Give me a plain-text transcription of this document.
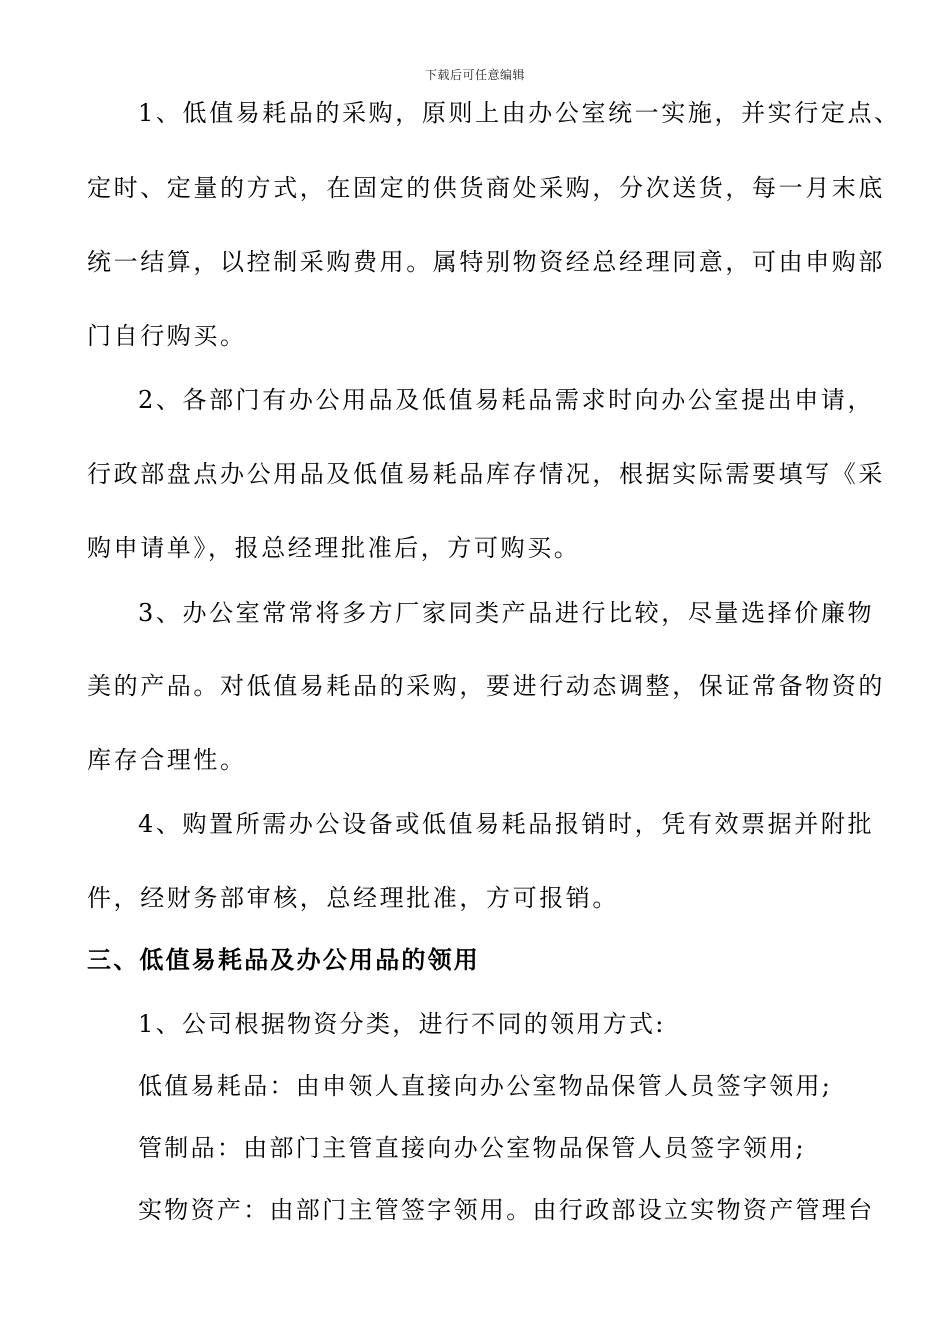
下载后可任意编辑
1、低值易耗品的采购，原则上由办公室统一实施，并实行定点、
定时、定量的方式，在固定的供货商处采购，分次送货，每一月末底
统一结算，以控制采购费用。属特别物资经总经理同意，可由申购部
门自行购买。
2、各部门有办公用品及低值易耗品需求时向办公室提出申请，
行政部盘点办公用品及低值易耗品库存情况，根据实际需要填写《采
购申请单》，报总经理批准后，方可购买。
3、办公室常常将多方厂家同类产品进行比较，尽量选择价廉物
美的产品。对低值易耗品的采购，要进行动态调整，保证常备物资的
库存合理性。
4、购置所需办公设备或低值易耗品报销时，凭有效票据并附批
件，经财务部审核，总经理批准，方可报销。
三、低值易耗品及办公用品的领用
1、公司根据物资分类，进行不同的领用方式:
低值易耗品：由申领人直接向办公室物品保管人员签字领用;
管制品：由部门主管直接向办公室物品保管人员签字领用;
实物资产：由部门主管签字领用。由行政部设立实物资产管理台
